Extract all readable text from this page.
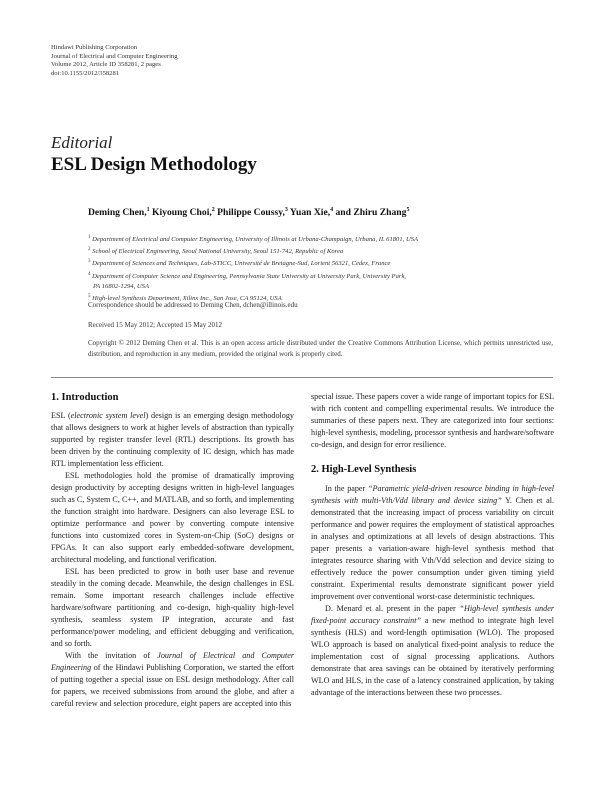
Hindawi Publishing Corporation
Journal of Electrical and Computer Engineering
Volume 2012, Article ID 358281, 2 pages
doi:10.1155/2012/358281
Editorial
ESL Design Methodology
Deming Chen,$^1$ Kiyoung Choi,$^2$ Philippe Coussy,$^3$ Yuan Xie,$^4$ and Zhiru Zhang$^5$
$^1$ Department of Electrical and Computer Engineering, University of Illinois at Urbana-Champaign, Urbana, IL 61801, USA
$^2$ School of Electrical Engineering, Seoul National University, Seoul 151-742, Republic of Korea
$^3$ Department of Sciences and Techniques, Lab-STICC, Université de Bretagne-Sud, Lorient 56321, Cedex, France
$^4$ Department of Computer Science and Engineering, Pennsylvania State University at University Park, University Park,
PA 16802-1294, USA
$^5$ High-level Synthesis Department, Xilinx Inc., San Jose, CA 95124, USA
Correspondence should be addressed to Deming Chen, dchen@illinois.edu
Received 15 May 2012; Accepted 15 May 2012
Copyright © 2012 Deming Chen et al. This is an open access article distributed under the Creative Commons Attribution License, which permits unrestricted use, distribution, and reproduction in any medium, provided the original work is properly cited.
1. Introduction

ESL (electronic system level) design is an emerging design methodology that allows designers to work at higher levels of abstraction than typically supported by register transfer level (RTL) descriptions. Its growth has been driven by the continuing complexity of IC design, which has made RTL implementation less efficient.

ESL methodologies hold the promise of dramatically improving design productivity by accepting designs written in high-level languages such as C, System C, C++, and MATLAB, and so forth, and implementing the function straight into hardware. Designers can also leverage ESL to optimize performance and power by converting compute intensive functions into customized cores in System-on-Chip (SoC) designs or FPGAs. It can also support early embedded-software development, architectural modeling, and functional verification.

ESL has been predicted to grow in both user base and revenue steadily in the coming decade. Meanwhile, the design challenges in ESL remain. Some important research challenges include effective hardware/software partitioning and co-design, high-quality high-level synthesis, seamless system IP integration, accurate and fast performance/power modeling, and efficient debugging and verification, and so forth.

With the invitation of Journal of Electrical and Computer Engineering of the Hindawi Publishing Corporation, we started the effort of putting together a special issue on ESL design methodology. After call for papers, we received submissions from around the globe, and after a careful review and selection procedure, eight papers are accepted into this

special issue. These papers cover a wide range of important topics for ESL with rich content and compelling experimental results. We introduce the summaries of these papers next. They are categorized into four sections: high-level synthesis, modeling, processor synthesis and hardware/software co-design, and design for error resilience.

2. High-Level Synthesis

In the paper “Parametric yield-driven resource binding in high-level synthesis with multi-Vth/Vdd library and device sizing” Y. Chen et al. demonstrated that the increasing impact of process variability on circuit performance and power requires the employment of statistical approaches in analyses and optimizations at all levels of design abstractions. This paper presents a variation-aware high-level synthesis method that integrates resource sharing with Vth/Vdd selection and device sizing to effectively reduce the power consumption under given timing yield constraint. Experimental results demonstrate significant power yield improvement over conventional worst-case deterministic techniques.

D. Menard et al. present in the paper “High-level synthesis under fixed-point accuracy constraint” a new method to integrate high level synthesis (HLS) and word-length optimisation (WLO). The proposed WLO approach is based on analytical fixed-point analysis to reduce the implementation cost of signal processing applications. Authors demonstrate that area savings can be obtained by iteratively performing WLO and HLS, in the case of a latency constrained application, by taking advantage of the interactions between these two processes.
